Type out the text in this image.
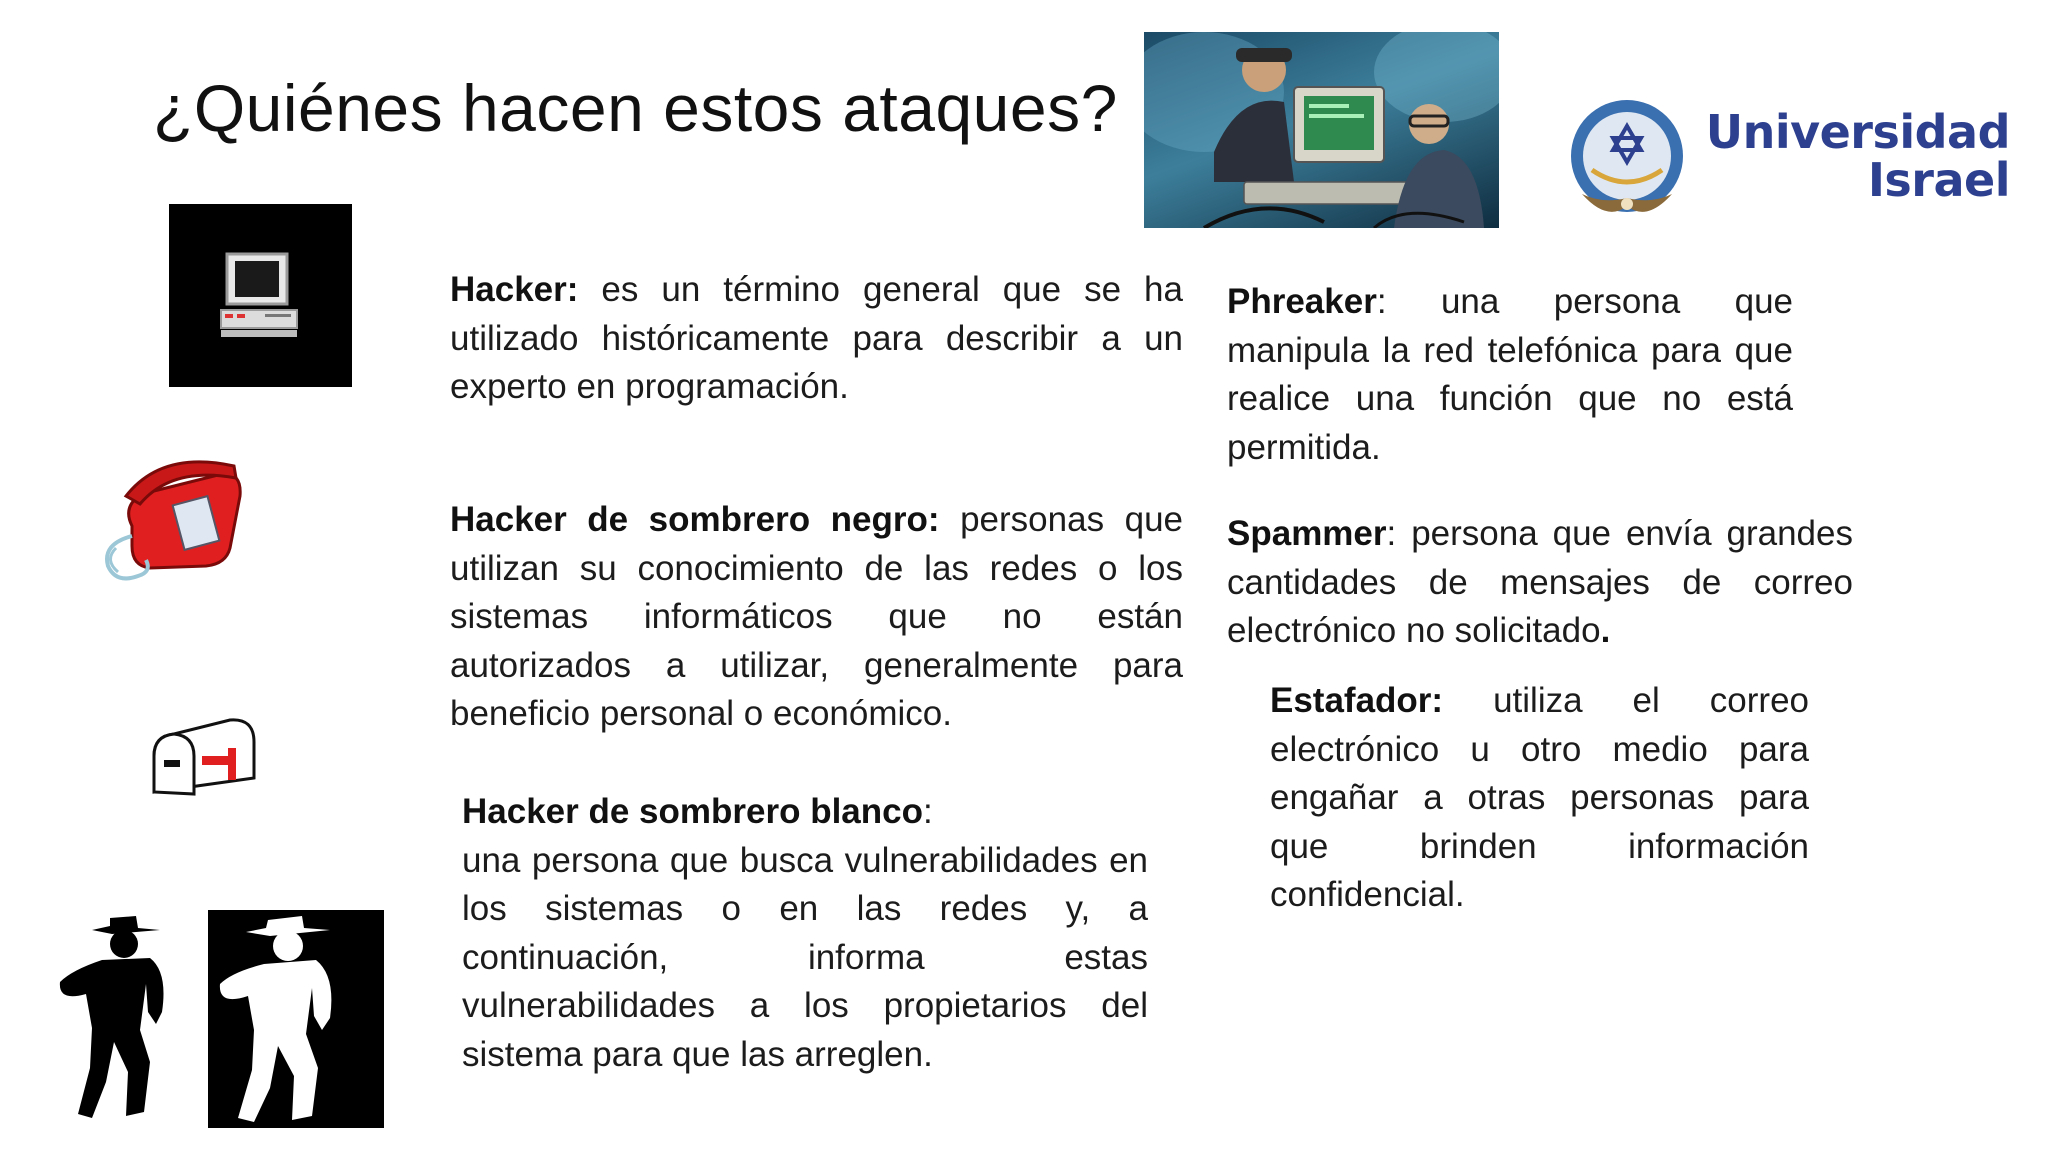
¿Quiénes hacen estos ataques?	Universidad
Israel
Hacker: es un término general que se ha utilizado históricamente para describir a un experto en programación.
Hacker de sombrero negro: personas que utilizan su conocimiento de las redes o los sistemas informáticos que no están autorizados a utilizar, generalmente para beneficio personal o económico.
Hacker de sombrero blanco:
una persona que busca vulnerabilidades en los sistemas o en las redes y, a continuación, informa estas vulnerabilidades a los propietarios del sistema para que las arreglen.
Phreaker: una persona que manipula la red telefónica para que realice una función que no está permitida.
Spammer: persona que envía grandes cantidades de mensajes de correo electrónico no solicitado.
Estafador: utiliza el correo electrónico u otro medio para engañar a otras personas para que brinden información confidencial.
